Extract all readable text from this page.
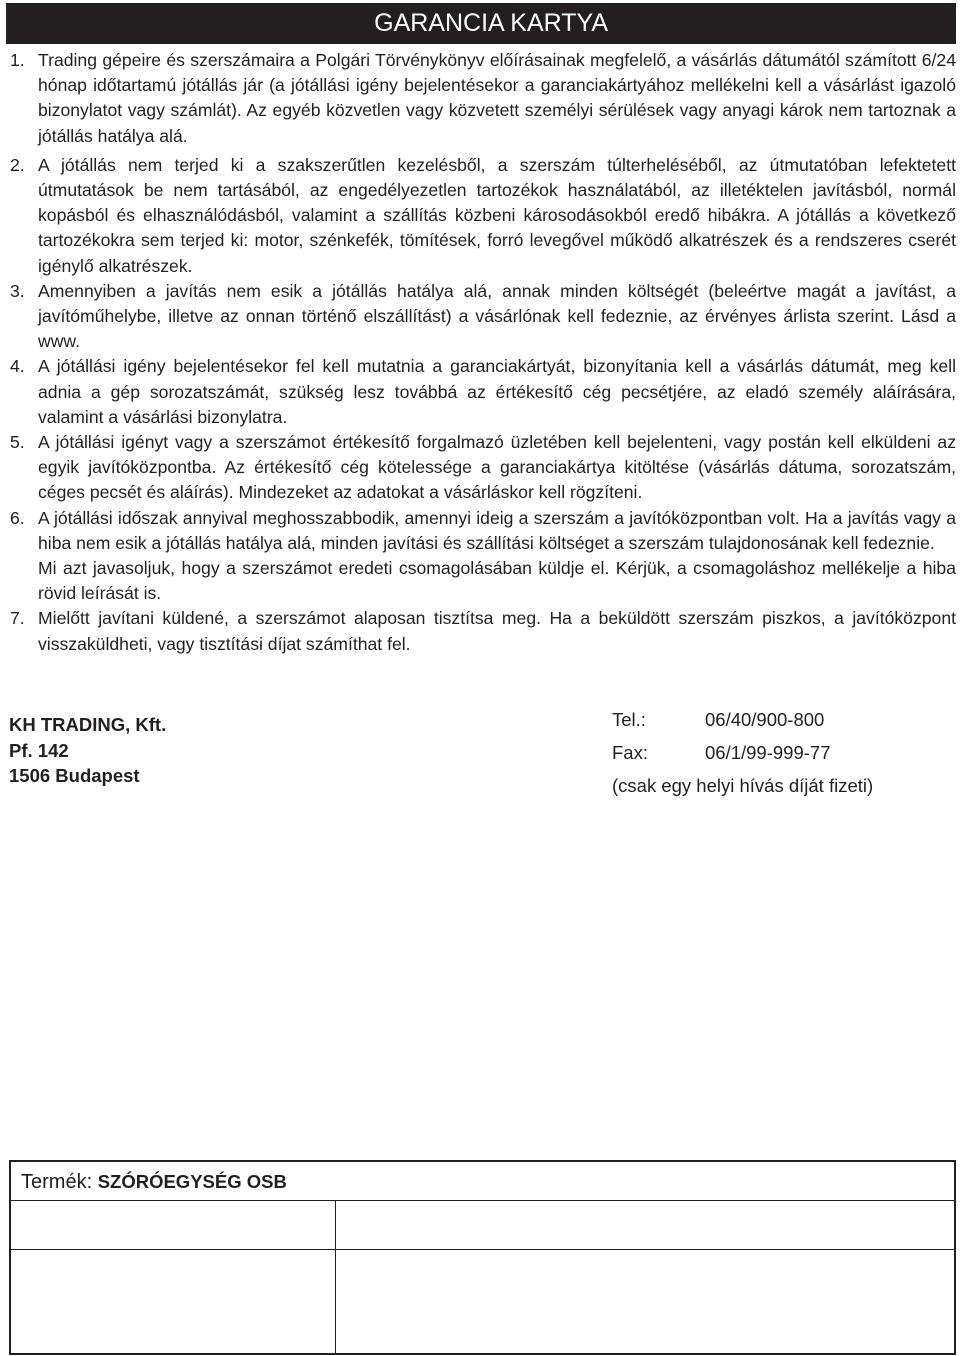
GARANCIA KARTYA
1. Trading gépeire és szerszámaira a Polgári Törvénykönyv előírásainak megfelelő, a vásárlás dátumától számított 6/24 hónap időtartamú jótállás jár (a jótállási igény bejelentésekor a garanciakártyához mellékelni kell a vásárlást igazoló bizonylatot vagy számlát). Az egyéb közvetlen vagy közvetett személyi sérülések vagy anyagi károk nem tartoznak a jótállás hatálya alá.

2. A jótállás nem terjed ki a szakszerűtlen kezelésből, a szerszám túlterheléséből, az útmutatóban lefektetett útmutatások be nem tartásából, az engedélyezetlen tartozékok használatából, az illetéktelen javításból, normál kopásból és elhasználódásból, valamint a szállítás közbeni károsodásokból eredő hibákra. A jótállás a következő tartozékokra sem terjed ki: motor, szénkefék, tömítések, forró levegővel működő alkatrészek és a rendszeres cserét igénylő alkatrészek.

3. Amennyiben a javítás nem esik a jótállás hatálya alá, annak minden költségét (beleértve magát a javítást, a javítóműhelybe, illetve az onnan történő elszállítást) a vásárlónak kell fedeznie, az érvényes árlista szerint. Lásd a www.

4. A jótállási igény bejelentésekor fel kell mutatnia a garanciakártyát, bizonyítania kell a vásárlás dátumát, meg kell adnia a gép sorozatszámát, szükség lesz továbbá az értékesítő cég pecsétjére, az eladó személy aláírására, valamint a vásárlási bizonylatra.

5. A jótállási igényt vagy a szerszámot értékesítő forgalmazó üzletében kell bejelenteni, vagy postán kell elküldeni az egyik javítóközpontba. Az értékesítő cég kötelessége a garanciakártya kitöltése (vásárlás dátuma, sorozatszám, céges pecsét és aláírás). Mindezeket az adatokat a vásárláskor kell rögzíteni.

6. A jótállási időszak annyival meghosszabbodik, amennyi ideig a szerszám a javítóközpontban volt. Ha a javítás vagy a hiba nem esik a jótállás hatálya alá, minden javítási és szállítási költséget a szerszám tulajdonosának kell fedeznie.

Mi azt javasoljuk, hogy a szerszámot eredeti csomagolásában küldje el. Kérjük, a csomagoláshoz mellékelje a hiba rövid leírását is.

7. Mielőtt javítani küldené, a szerszámot alaposan tisztítsa meg. Ha a beküldött szerszám piszkos, a javítóközpont visszaküldheti, vagy tisztítási díjat számíthat fel.

KH TRADING, Kft.
Pf. 142
1506 Budapest
Tel.:	06/40/900-800
Fax:	06/1/99-999-77
(csak egy helyi hívás díját fizeti)
Termék: SZÓRÓEGYSÉG OSB
